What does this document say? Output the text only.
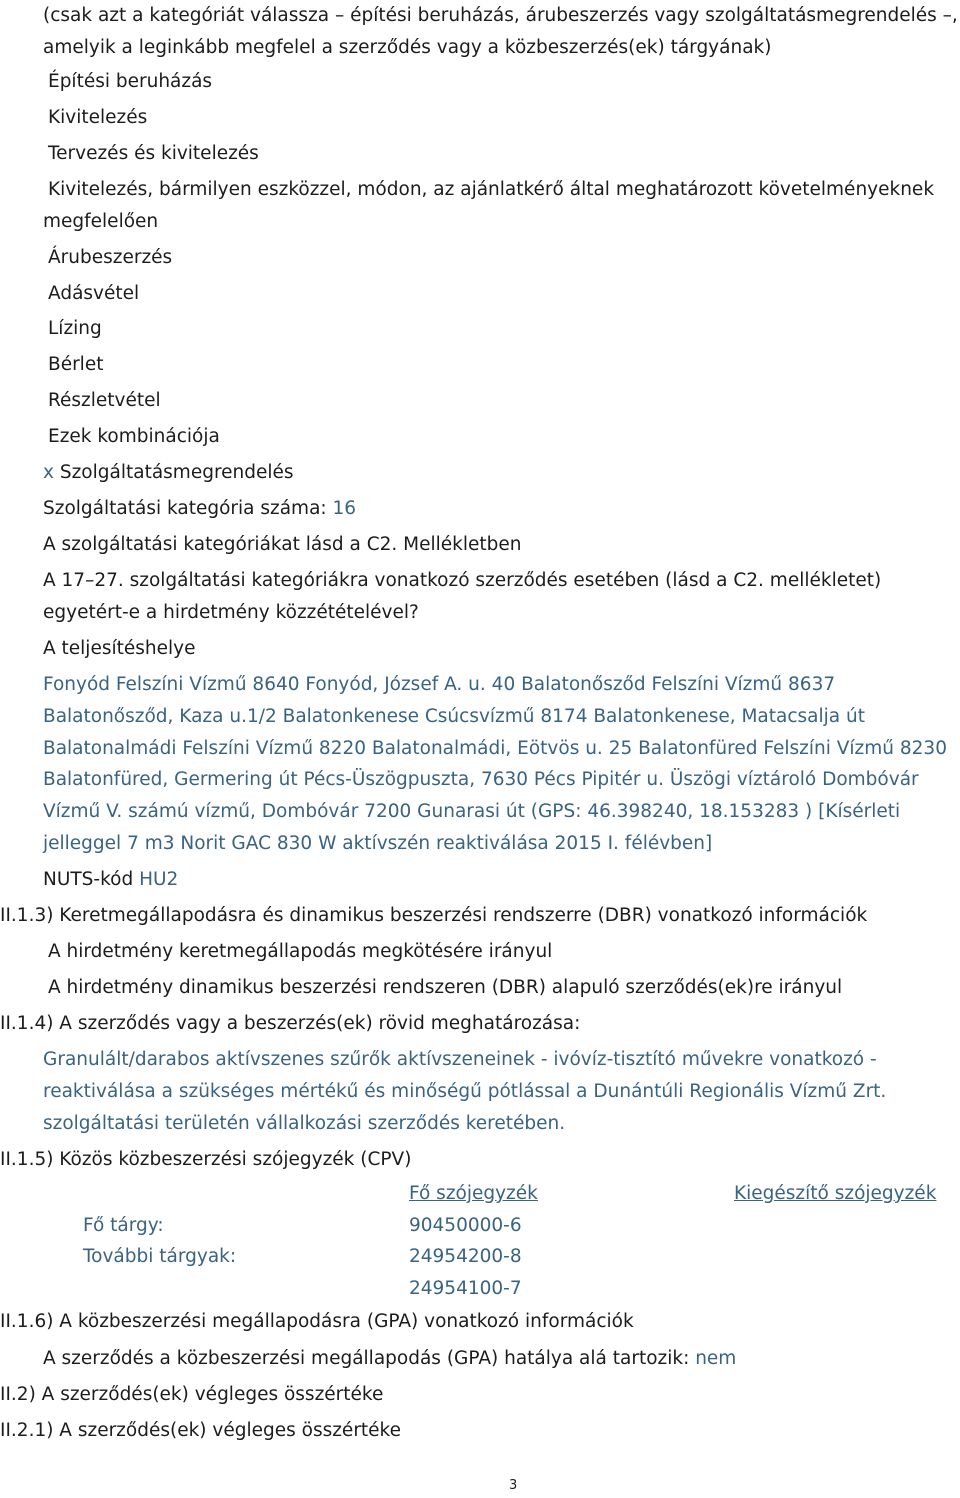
(csak azt a kategóriát válassza – építési beruházás, árubeszerzés vagy szolgáltatásmegrendelés –,
amelyik a leginkább megfelel a szerződés vagy a közbeszerzés(ek) tárgyának)
Építési beruházás
Kivitelezés
Tervezés és kivitelezés
Kivitelezés, bármilyen eszközzel, módon, az ajánlatkérő által meghatározott követelményeknek
megfelelően
Árubeszerzés
Adásvétel
Lízing
Bérlet
Részletvétel
Ezek kombinációja
x Szolgáltatásmegrendelés
Szolgáltatási kategória száma: 16
A szolgáltatási kategóriákat lásd a C2. Mellékletben
A 17–27. szolgáltatási kategóriákra vonatkozó szerződés esetében (lásd a C2. mellékletet)
egyetért-e a hirdetmény közzétételével?
A teljesítéshelye
Fonyód Felszíni Vízmű 8640 Fonyód, József A. u. 40 Balatonősződ Felszíni Vízmű 8637
Balatonősződ, Kaza u.1/2 Balatonkenese Csúcsvízmű 8174 Balatonkenese, Matacsalja út
Balatonalmádi Felszíni Vízmű 8220 Balatonalmádi, Eötvös u. 25 Balatonfüred Felszíni Vízmű 8230
Balatonfüred, Germering út Pécs-Üszögpuszta, 7630 Pécs Pipitér u. Üszögi víztároló Dombóvár
Vízmű V. számú vízmű, Dombóvár 7200 Gunarasi út (GPS: 46.398240, 18.153283 ) [Kísérleti
jelleggel 7 m3 Norit GAC 830 W aktívszén reaktiválása 2015 I. félévben]
NUTS-kód HU2
II.1.3) Keretmegállapodásra és dinamikus beszerzési rendszerre (DBR) vonatkozó információk
A hirdetmény keretmegállapodás megkötésére irányul
A hirdetmény dinamikus beszerzési rendszeren (DBR) alapuló szerződés(ek)re irányul
II.1.4) A szerződés vagy a beszerzés(ek) rövid meghatározása:
Granulált/darabos aktívszenes szűrők aktívszeneinek - ivóvíz-tisztító művekre vonatkozó -
reaktiválása a szükséges mértékű és minőségű pótlással a Dunántúli Regionális Vízmű Zrt.
szolgáltatási területén vállalkozási szerződés keretében.
II.1.5) Közös közbeszerzési szójegyzék (CPV)
Fő szójegyzék	Kiegészítő szójegyzék
Fő tárgy:	90450000-6
További tárgyak:	24954200-8
24954100-7
II.1.6) A közbeszerzési megállapodásra (GPA) vonatkozó információk
A szerződés a közbeszerzési megállapodás (GPA) hatálya alá tartozik: nem
II.2) A szerződés(ek) végleges összértéke
II.2.1) A szerződés(ek) végleges összértéke
3
